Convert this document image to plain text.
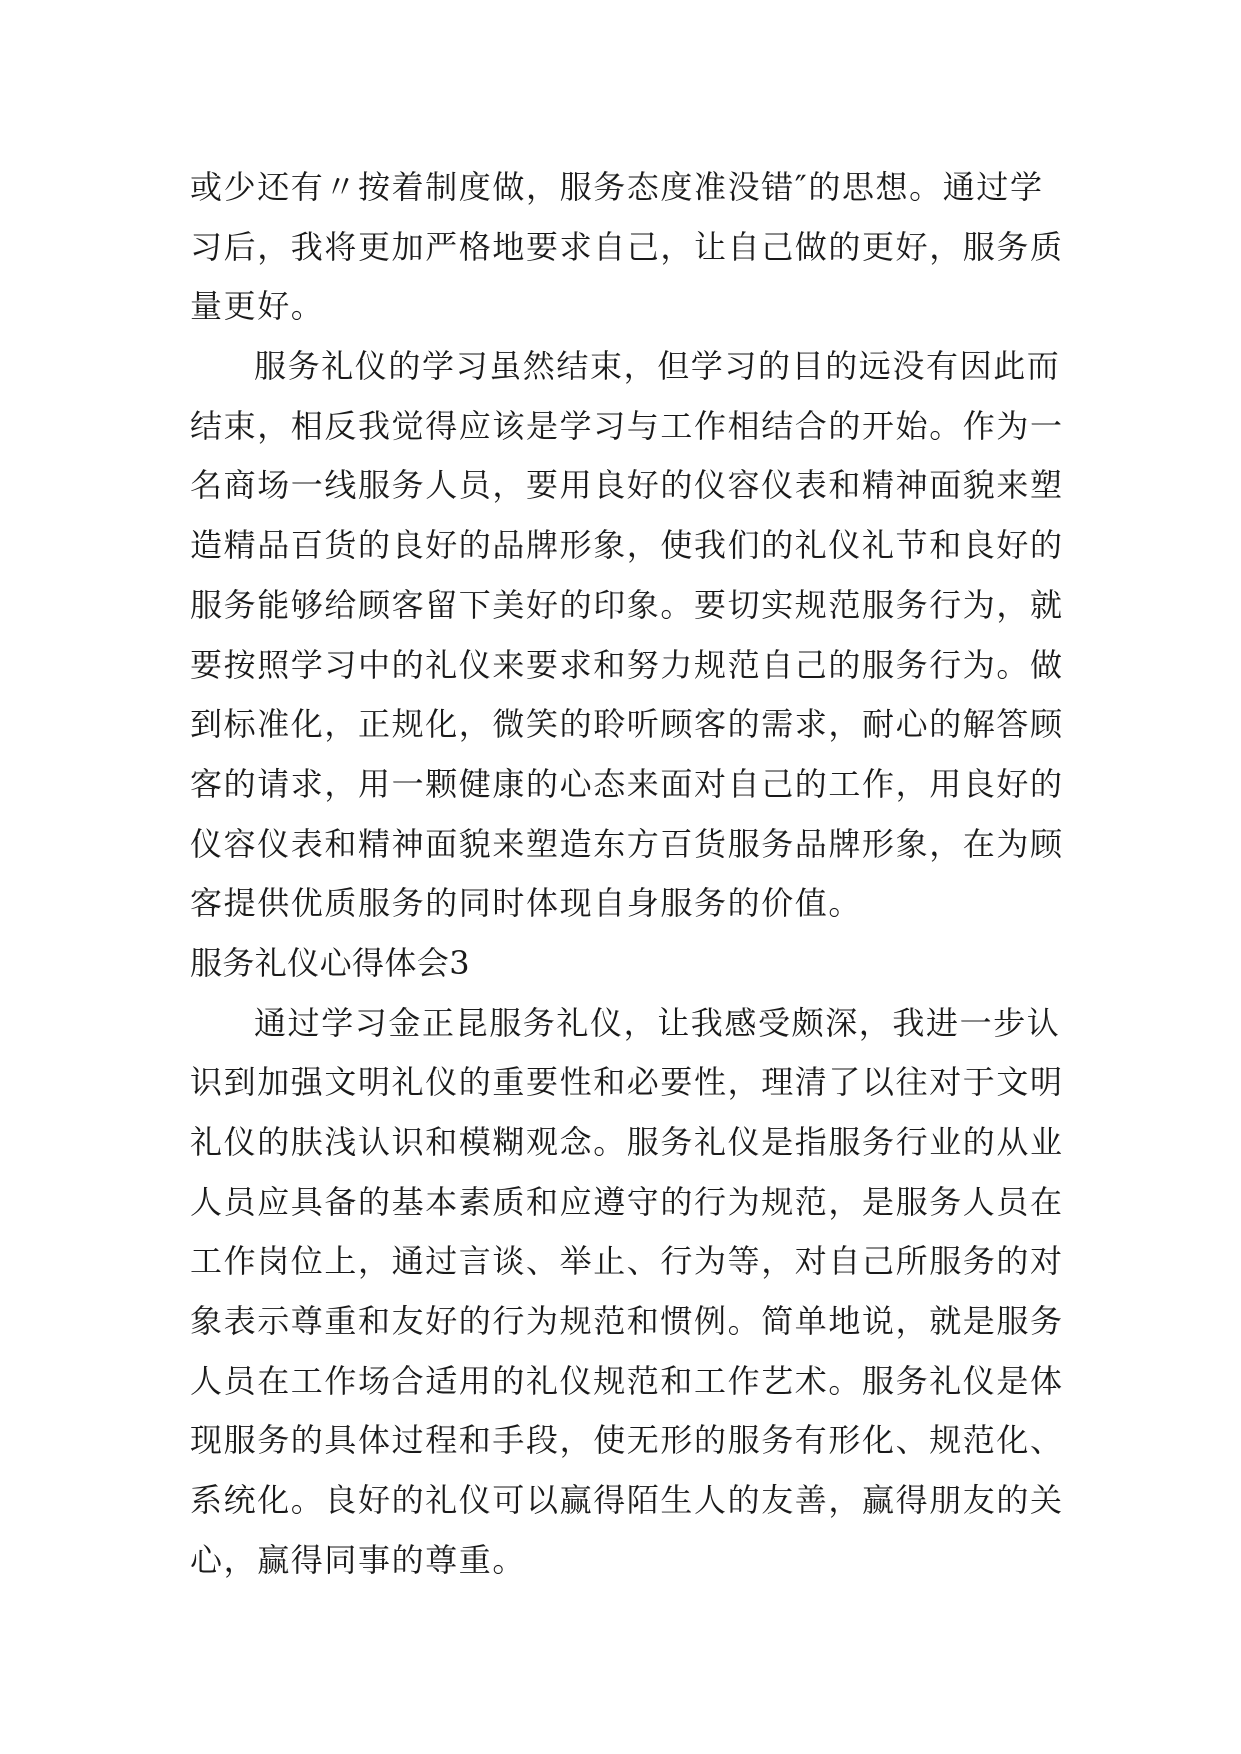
或少还有〃按着制度做，服务态度准没错″的思想。通过学
习后，我将更加严格地要求自己，让自己做的更好，服务质
量更好。
服务礼仪的学习虽然结束，但学习的目的远没有因此而
结束，相反我觉得应该是学习与工作相结合的开始。作为一
名商场一线服务人员，要用良好的仪容仪表和精神面貌来塑
造精品百货的良好的品牌形象，使我们的礼仪礼节和良好的
服务能够给顾客留下美好的印象。要切实规范服务行为，就
要按照学习中的礼仪来要求和努力规范自己的服务行为。做
到标准化，正规化，微笑的聆听顾客的需求，耐心的解答顾
客的请求，用一颗健康的心态来面对自己的工作，用良好的
仪容仪表和精神面貌来塑造东方百货服务品牌形象，在为顾
客提供优质服务的同时体现自身服务的价值。
服务礼仪心得体会3
通过学习金正昆服务礼仪，让我感受颇深，我进一步认
识到加强文明礼仪的重要性和必要性，理清了以往对于文明
礼仪的肤浅认识和模糊观念。服务礼仪是指服务行业的从业
人员应具备的基本素质和应遵守的行为规范，是服务人员在
工作岗位上，通过言谈、举止、行为等，对自己所服务的对
象表示尊重和友好的行为规范和惯例。简单地说，就是服务
人员在工作场合适用的礼仪规范和工作艺术。服务礼仪是体
现服务的具体过程和手段，使无形的服务有形化、规范化、
系统化。良好的礼仪可以赢得陌生人的友善，赢得朋友的关
心，赢得同事的尊重。
